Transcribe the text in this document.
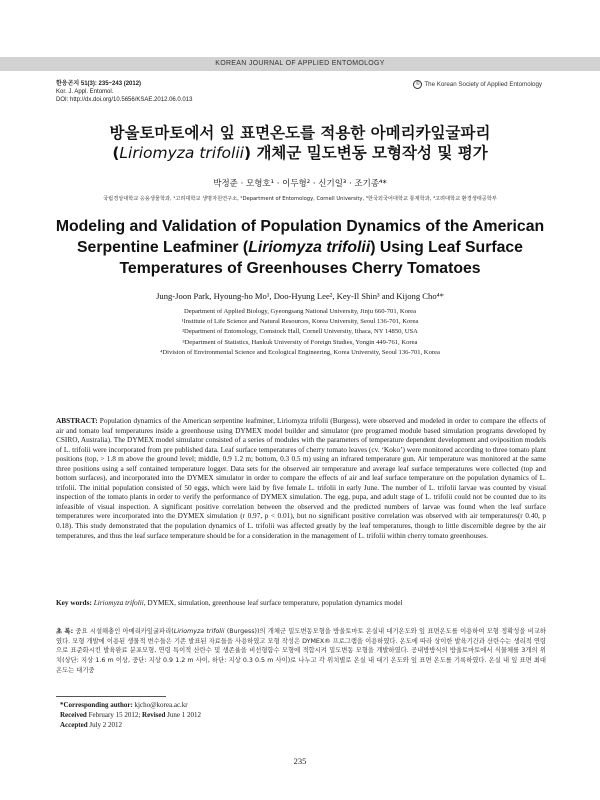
KOREAN JOURNAL OF APPLIED ENTOMOLOGY
한응곤지 51(3): 235~243 (2012)
Kor. J. Appl. Entomol.
DOI: http://dx.doi.org/10.5656/KSAE.2012.06.0.013
© The Korean Society of Applied Entomology
방울토마토에서 잎 표면온도를 적용한 아메리카잎굴파리
(Liriomyza trifolii) 개체군 밀도변동 모형작성 및 평가
박정준 · 모형호¹ · 이두형² · 신기일³ · 조기종⁴*
국립경상대학교 응용생물학과, ¹고려대학교 생명자원연구소, ²Department of Entomology, Cornell University, ³한국외국어대학교 통계학과, ⁴고려대학교 환경생태공학부
Modeling and Validation of Population Dynamics of the American Serpentine Leafminer (Liriomyza trifolii) Using Leaf Surface Temperatures of Greenhouses Cherry Tomatoes
Jung-Joon Park, Hyoung-ho Mo¹, Doo-Hyung Lee², Key-Il Shin³ and Kijong Cho⁴*
Department of Applied Biology, Gyeongsang National University, Jinju 660-701, Korea
¹Institute of Life Science and Natural Resources, Korea University, Seoul 136-701, Korea
²Department of Entomology, Comstock Hall, Cornell University, Ithaca, NY 14850, USA
³Department of Statistics, Hankuk University of Foreign Studies, Yongin 449-761, Korea
⁴Division of Environmental Science and Ecological Engineering, Korea University, Seoul 136-701, Korea
ABSTRACT: Population dynamics of the American serpentine leafminer, Liriomyza trifolii (Burgess), were observed and modeled in order to compare the effects of air and tomato leaf temperatures inside a greenhouse using DYMEX model builder and simulator (pre programed module based simulation programs developed by CSIRO, Australia). The DYMEX model simulator consisted of a series of modules with the parameters of temperature dependent development and oviposition models of L. trifolii were incorporated from pre published data. Leaf surface temperatures of cherry tomato leaves (cv. ‘Koko’) were monitored according to three tomato plant positions (top, > 1.8 m above the ground level; middle, 0.9 1.2 m; bottom, 0.3 0.5 m) using an infrared temperature gun. Air temperature was monitored at the same three positions using a self contained temperature logger. Data sets for the observed air temperature and average leaf surface temperatures were collected (top and bottom surfaces), and incorporated into the DYMEX simulator in order to compare the effects of air and leaf surface temperature on the population dynamics of L. trifolii. The initial population consisted of 50 eggs, which were laid by five female L. trifolii in early June. The number of L. trifolii larvae was counted by visual inspection of the tomato plants in order to verify the performance of DYMEX simulation. The egg, pupa, and adult stage of L. trifolii could not be counted due to its infeasible of visual inspection. A significant positive correlation between the observed and the predicted numbers of larvae was found when the leaf surface temperatures were incorporated into the DYMEX simulation (r 0.97, p < 0.01), but no significant positive correlation was observed with air temperatures(r 0.40, p 0.18). This study demonstrated that the population dynamics of L. trifolii was affected greatly by the leaf temperatures, though to little discernible degree by the air temperatures, and thus the leaf surface temperature should be for a consideration in the management of L. trifolii within cherry tomato greenhouses.
Key words: Liriomyza trifolii, DYMEX, simulation, greenhouse leaf surface temperature, population dynamics model
초 록: 중요 시설해충인 아메리카잎굴파리(Liriomyza trifolii (Burgess))의 개체군 밀도변동모형을 방울토마토 온실내 대기온도와 잎 표면온도를 이용하여 모형 정확성을 비교하였다. 모형 개발에 이용된 생물적 변수들은 기존 발표된 자료들을 사용하였고 모형 작성은 DYMEX® 프로그램을 이용하였다. 온도에 따라 상이한 발육기간과 산란수는 생리적 연령으로 표준화시킨 발육완료 분포모형, 연령 특이적 산란수 및 생존율을 비선형함수 모형에 적합시켜 밀도변동 모형을 개발하였다. 공내방방식의 방울토마토에서 식물체를 3개의 위치(상단: 지상 1.6 m 이상, 중단: 지상 0.9 1.2 m 사이, 하단: 지상 0.3 0.5 m 사이)로 나누고 각 위치별로 온실 내 대기 온도와 잎 표면 온도를 기록하였다. 온실 내 잎 표면 최대온도는 대기중
*Corresponding author: kjcho@korea.ac.kr
Received February 15 2012; Revised June 1 2012
Accepted July 2 2012
235
